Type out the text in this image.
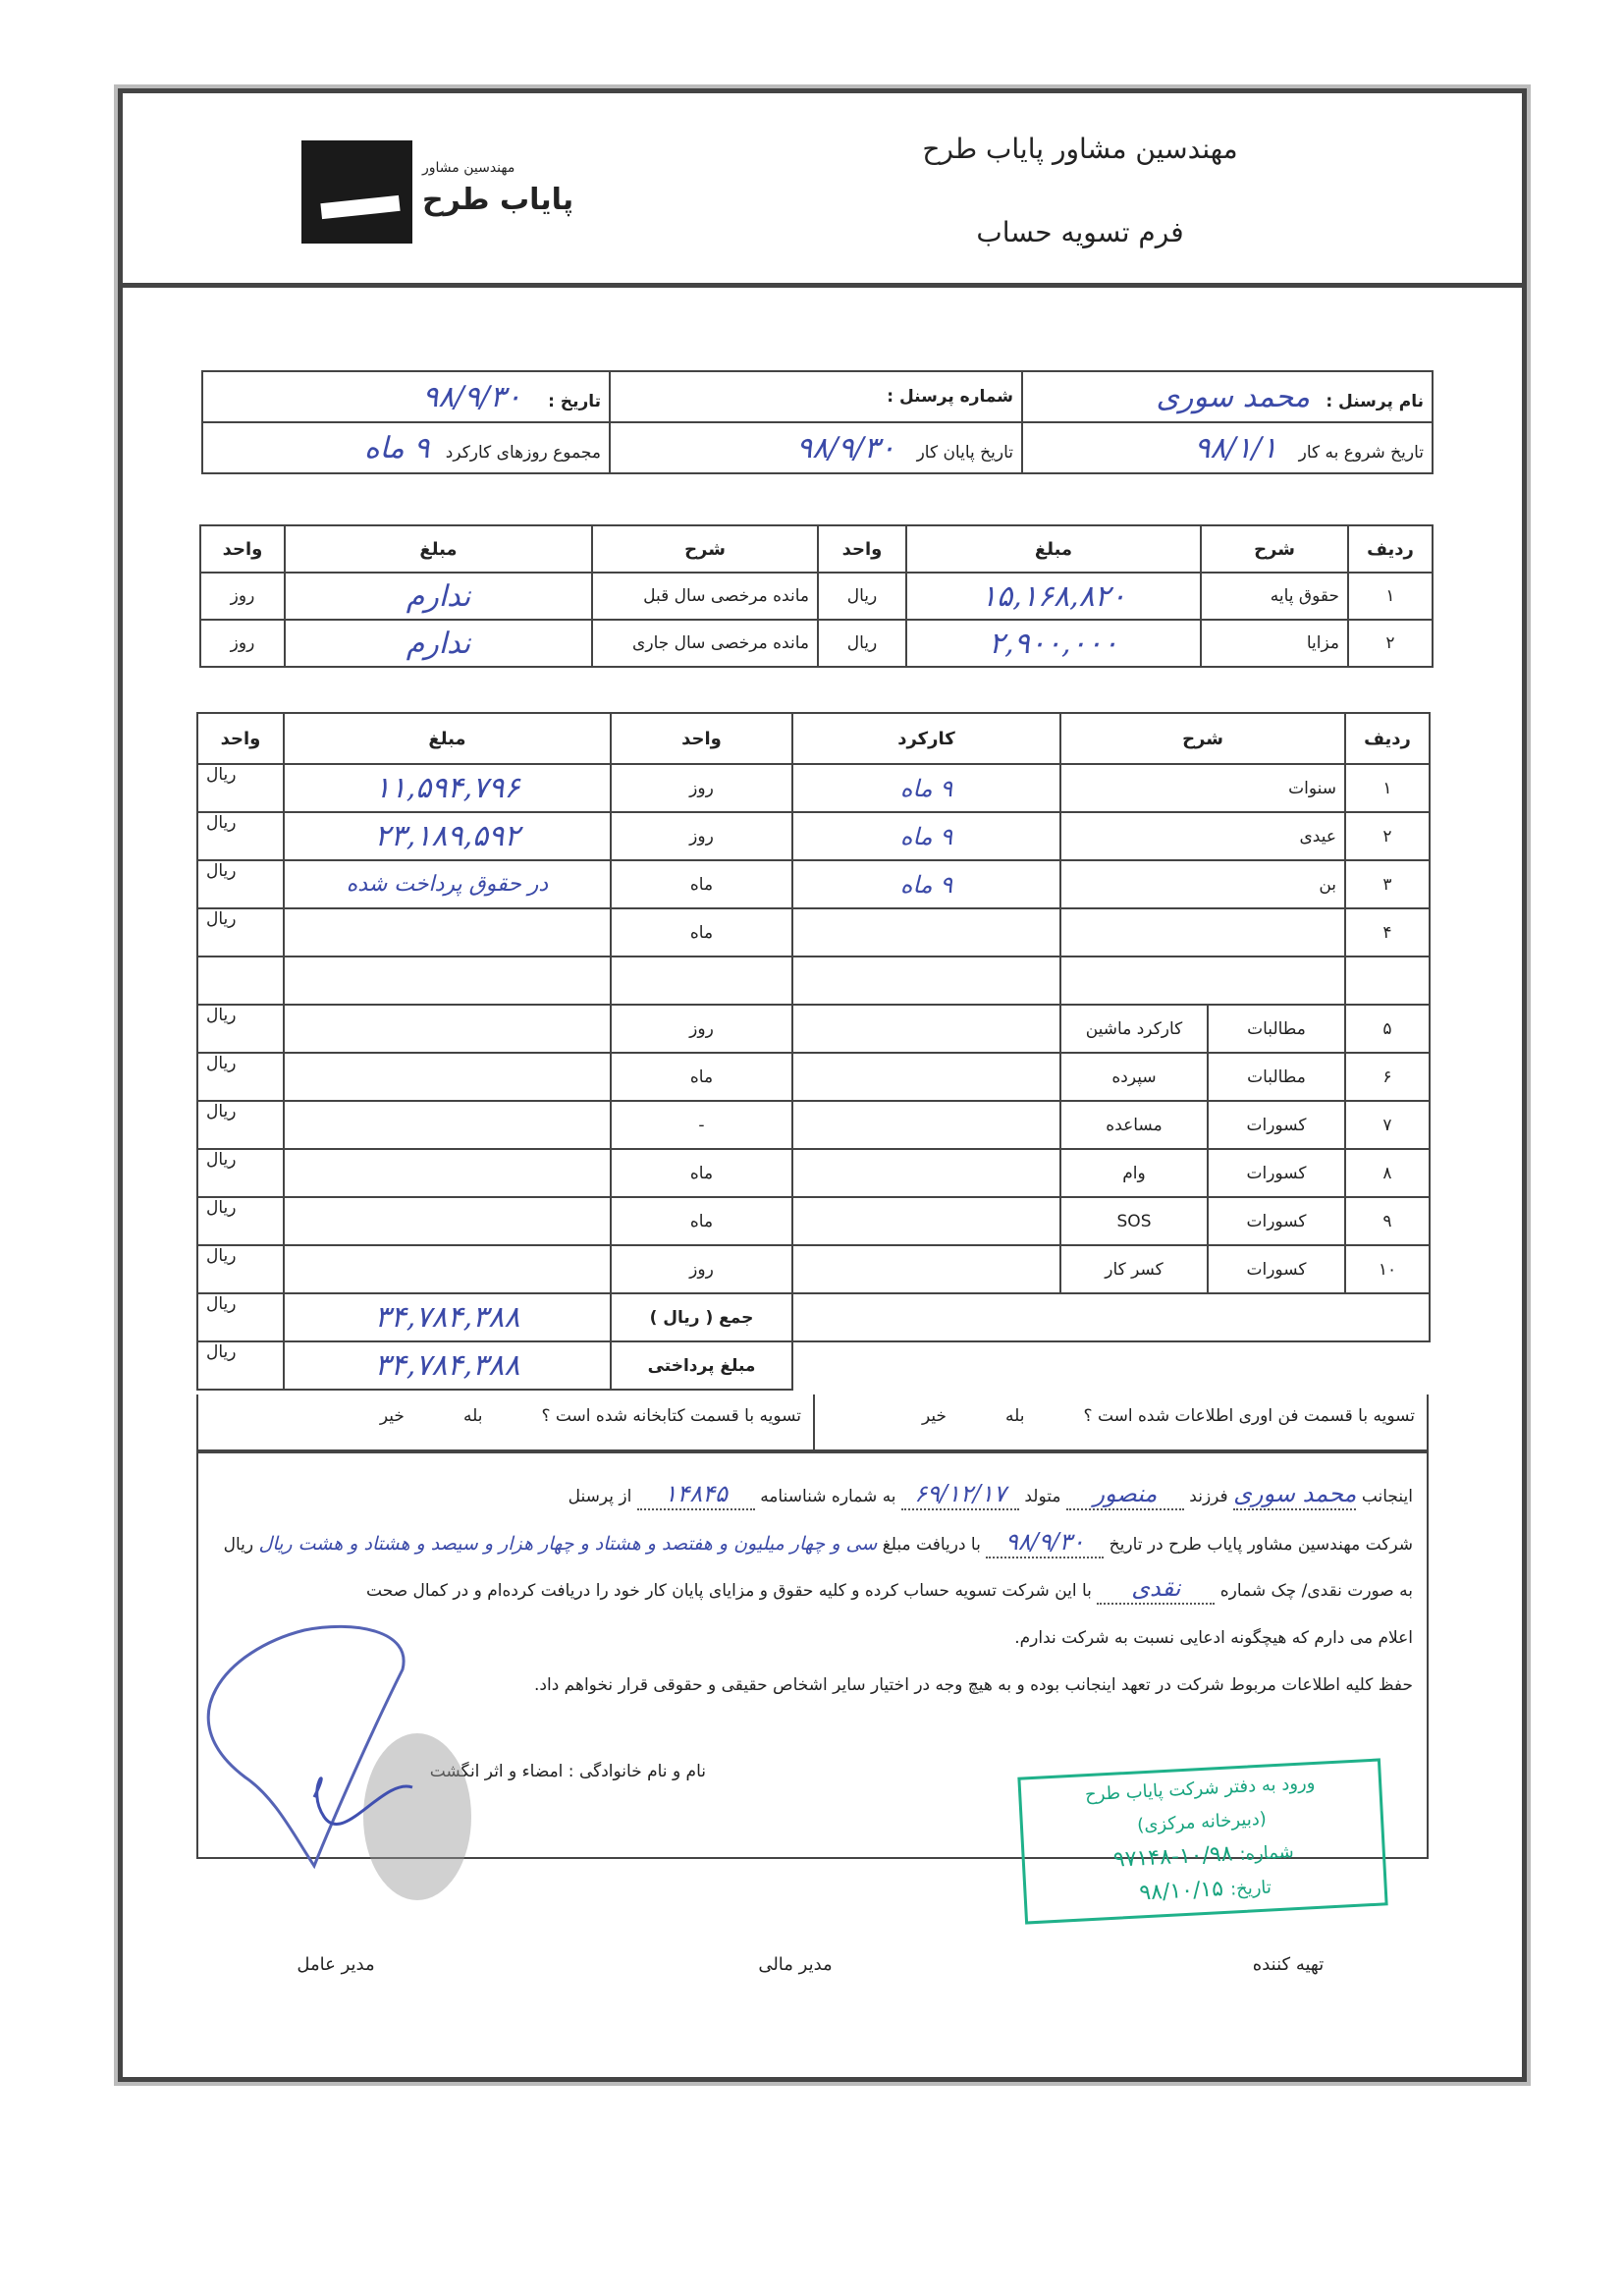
مهندسین مشاور
پایاب طرح
مهندسین مشاور پایاب طرح
فرم تسویه حساب
نام پرسنل :   محمد سوری	شماره پرسنل :	تاریخ :     ۹۸/۹/۳۰
تاریخ شروع به کار    ۹۸/۱/۱	تاریخ پایان کار    ۹۸/۹/۳۰	مجموع روزهای کارکرد   ۹ ماه
ردیف	شرح	مبلغ	واحد	شرح	مبلغ	واحد
۱	حقوق پایه	۱۵,۱۶۸,۸۲۰	ریال	مانده مرخصی سال قبل	ندارم	روز
۲	مزایا	۲,۹۰۰,۰۰۰	ریال	مانده مرخصی سال جاری	ندارم	روز
ردیف	شرح		کارکرد	واحد	مبلغ	واحد
۱	سنوات		۹ ماه	روز	۱۱,۵۹۴,۷۹۶	ریال
۲	عیدی		۹ ماه	روز	۲۳,۱۸۹,۵۹۲	ریال
۳	بن		۹ ماه	ماه	در حقوق پرداخت شده	ریال
۴				ماه		ریال

۵	مطالبات	کارکرد ماشین		روز		ریال
۶	مطالبات	سپرده		ماه		ریال
۷	کسورات	مساعده		-		ریال
۸	کسورات	وام		ماه		ریال
۹	کسورات	SOS		ماه		ریال
۱۰	کسورات	کسر کار		روز		ریال
				جمع ( ریال )	۳۴,۷۸۴,۳۸۸	ریال
				مبلغ پرداختی	۳۴,۷۸۴,۳۸۸	ریال
تسویه با قسمت فن اوری اطلاعات شده است ؟
بله
خیر
تسویه با قسمت کتابخانه شده است ؟
بله
خیر
اینجانب محمد سوری فرزند منصور متولد ۶۹/۱۲/۱۷ به شماره شناسنامه ۱۴۸۴۵ از پرسنل
شرکت مهندسین مشاور پایاب طرح در تاریخ ۹۸/۹/۳۰ با دریافت مبلغ سی و چهار میلیون و هفتصد و هشتاد و چهار هزار و سیصد و هشتاد و هشت ریال ریال
به صورت نقدی/ چک شماره نقدی با این شرکت تسویه حساب کرده و کلیه حقوق و مزایای پایان کار خود را دریافت کرده‌ام و در کمال صحت
اعلام می دارم که هیچگونه ادعایی نسبت به شرکت ندارم.
حفظ کلیه اطلاعات مربوط شرکت در تعهد اینجانب بوده و به هیچ وجه در اختیار سایر اشخاص حقیقی و حقوقی قرار نخواهم داد.
نام و نام خانوادگی : امضاء و اثر انگشت
ورود به دفتر شرکت پایاب طرح
(دبیرخانه مرکزی)
شماره: ۱۰/۹۸-۹۷۱۴۸
تاریخ: ۹۸/۱۰/۱۵
تهیه کننده
مدیر مالی
مدیر عامل
